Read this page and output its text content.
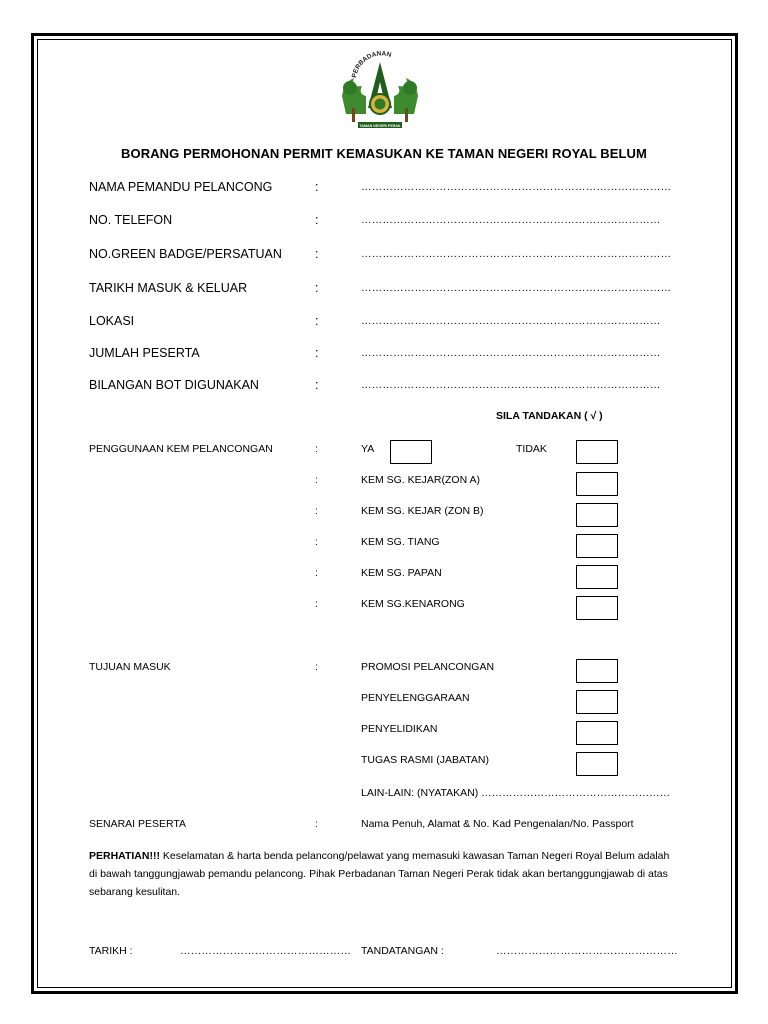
PERBADANAN
TAMAN NEGERI PERAK
BORANG PERMOHONAN PERMIT KEMASUKAN KE TAMAN NEGERI ROYAL BELUM
NAMA PEMANDU PELANCONG	:	……………………………………………………………………………
NO. TELEFON	:	…………………………………………………………………………
NO.GREEN BADGE/PERSATUAN	:	……………………………………………………………………………
TARIKH MASUK & KELUAR	:	……………………………………………………………………………
LOKASI	:	…………………………………………………………………………
JUMLAH PESERTA	:	…………………………………………………………………………
BILANGAN BOT DIGUNAKAN	:	…………………………………………………………………………
SILA TANDAKAN ( √ )
PENGGUNAAN KEM PELANCONGAN	:	YA	TIDAK
:	KEM SG. KEJAR(ZON A)
:	KEM SG. KEJAR (ZON B)
:	KEM SG. TIANG
:	KEM SG. PAPAN
:	KEM SG.KENARONG
TUJUAN MASUK	:	PROMOSI PELANCONGAN
PENYELENGGARAAN
PENYELIDIKAN
TUGAS RASMI (JABATAN)
LAIN-LAIN: (NYATAKAN) ………………………………………………
SENARAI PESERTA	:	Nama Penuh, Alamat & No. Kad Pengenalan/No. Passport
PERHATIAN!!! Keselamatan & harta benda pelancong/pelawat yang memasuki kawasan Taman Negeri Royal Belum adalah di bawah tanggungjawab pemandu pelancong. Pihak Perbadanan Taman Negeri Perak tidak akan bertanggungjawab di atas sebarang kesulitan.
TARIKH :	………………………………………… TANDATANGAN :	……………………………………………
